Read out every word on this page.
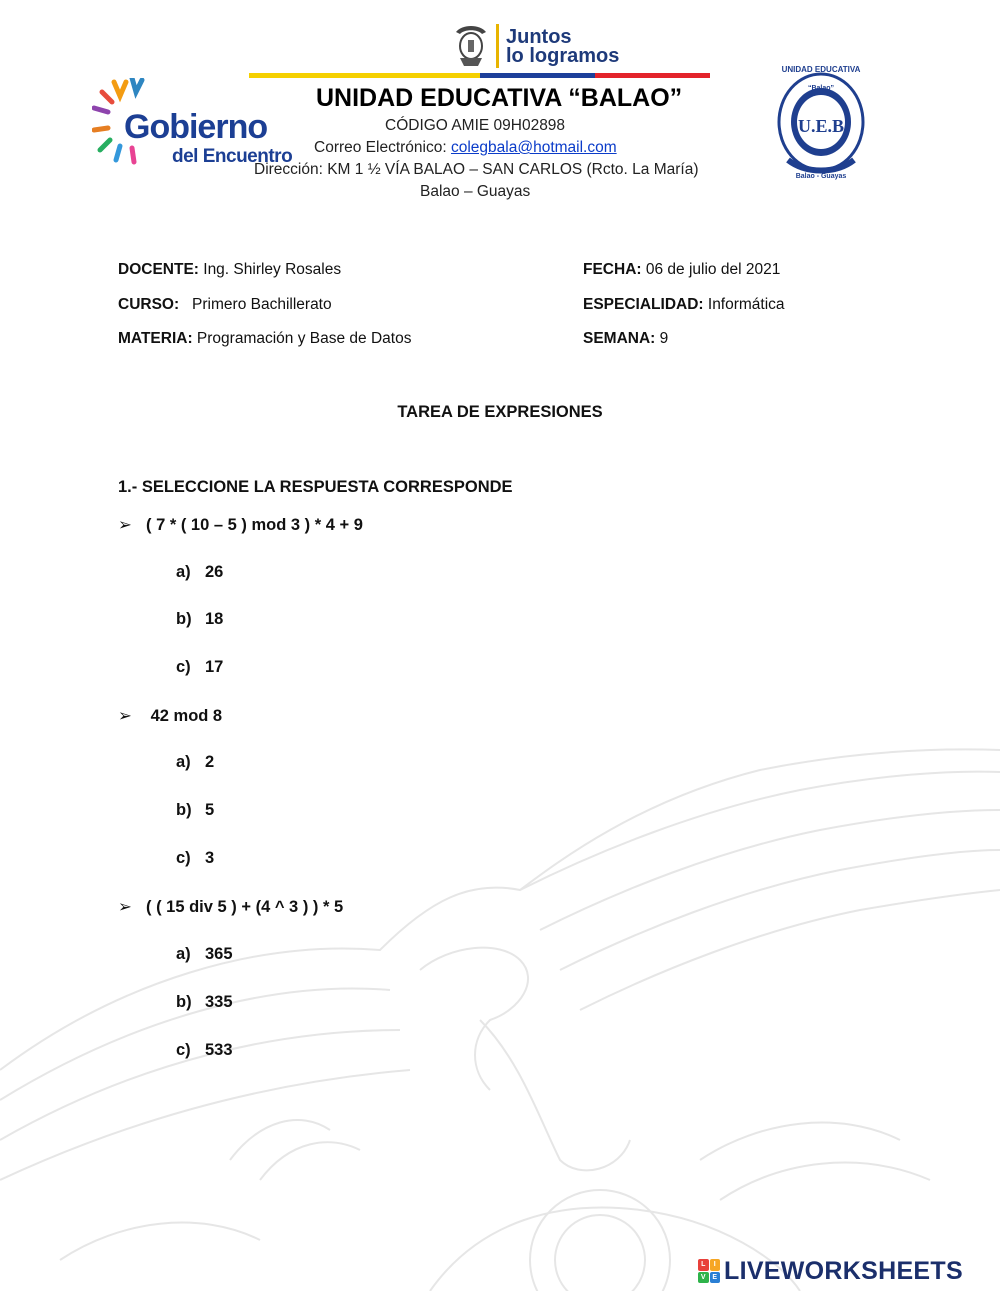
Juntos
lo logramos
Gobierno
del Encuentro
UNIDAD EDUCATIVA “BALAO”
CÓDIGO AMIE 09H02898
Correo Electrónico: colegbala@hotmail.com
Dirección: KM 1 ½ VÍA BALAO – SAN CARLOS (Rcto. La María)
Balao – Guayas
UNIDAD EDUCATIVA
“Balao”
U.E.B
Balao - Guayas
DOCENTE: Ing. Shirley Rosales	FECHA: 06 de julio del 2021
CURSO:   Primero Bachillerato	ESPECIALIDAD: Informática
MATERIA: Programación y Base de Datos	SEMANA: 9
TAREA DE EXPRESIONES
1.- SELECCIONE LA RESPUESTA CORRESPONDE
➢ ( 7 * ( 10 – 5 ) mod 3 ) * 4 + 9
a) 26
b) 18
c) 17
➢ 42 mod 8
a) 2
b) 5
c) 3
➢ ( ( 15 div 5 ) + (4 ^ 3 ) ) * 5
a) 365
b) 335
c) 533
L	I
V E LIVEWORKSHEETS
